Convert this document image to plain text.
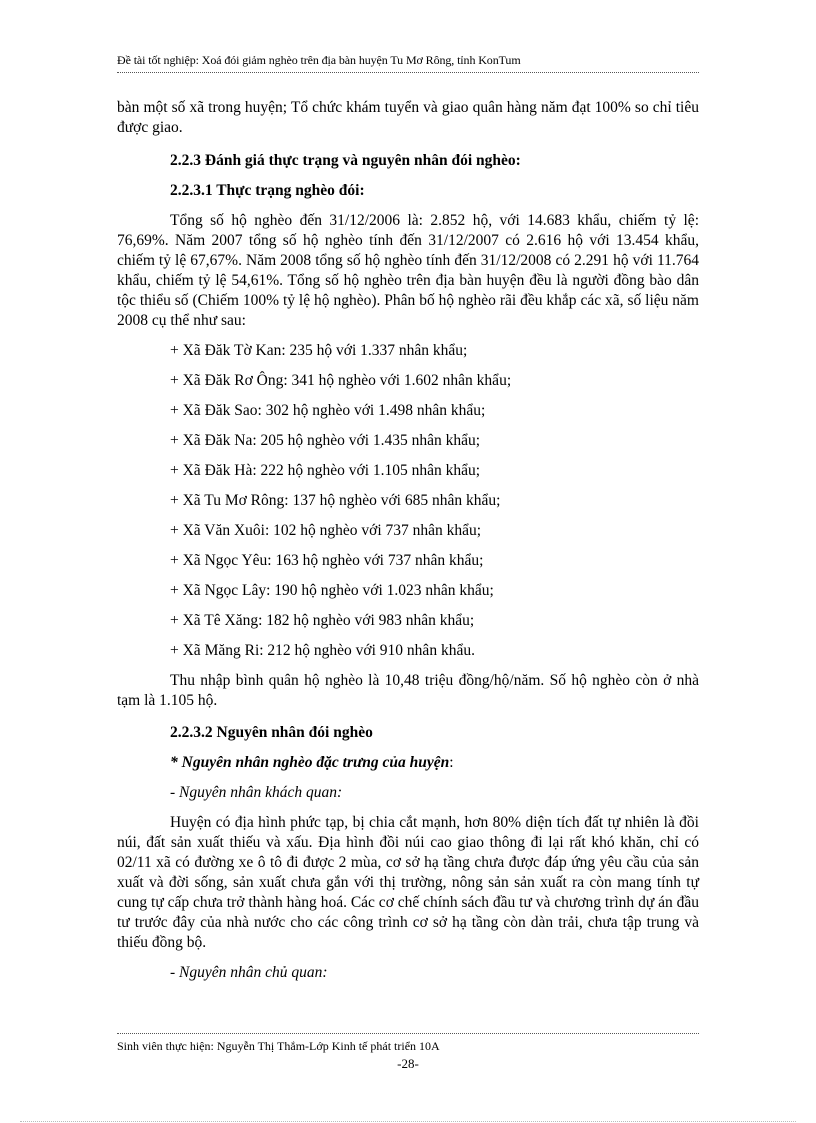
Đề tài tốt nghiệp: Xoá đói giảm nghèo trên địa bàn huyện Tu Mơ Rông, tỉnh KonTum

bàn một số xã trong huyện; Tổ chức khám tuyển và giao quân hàng năm đạt 100% so chỉ tiêu được giao.

2.2.3 Đánh giá thực trạng và nguyên nhân đói nghèo:

2.2.3.1 Thực trạng nghèo đói:

Tổng số hộ nghèo đến 31/12/2006 là: 2.852 hộ, với 14.683 khẩu, chiếm tỷ lệ: 76,69%. Năm 2007 tổng số hộ nghèo tính đến 31/12/2007 có 2.616 hộ với 13.454 khẩu, chiếm tỷ lệ 67,67%. Năm 2008 tổng số hộ nghèo tính đến 31/12/2008 có 2.291 hộ với 11.764 khẩu, chiếm tỷ lệ 54,61%. Tổng số hộ nghèo trên địa bàn huyện đều là người đồng bào dân tộc thiểu số (Chiếm 100% tỷ lệ hộ nghèo). Phân bố hộ nghèo rãi đều khắp các xã, số liệu năm 2008 cụ thể như sau:

+ Xã Đăk Tờ Kan: 235 hộ với 1.337 nhân khẩu;

+ Xã Đăk Rơ Ông: 341 hộ nghèo với 1.602 nhân khẩu;

+ Xã Đăk Sao: 302 hộ nghèo với 1.498 nhân khẩu;

+ Xã Đăk Na: 205 hộ nghèo với 1.435 nhân khẩu;

+ Xã Đăk Hà: 222 hộ nghèo với 1.105 nhân khẩu;

+ Xã Tu Mơ Rông: 137 hộ nghèo với 685 nhân khẩu;

+ Xã Văn Xuôi: 102 hộ nghèo với 737 nhân khẩu;

+ Xã Ngọc Yêu: 163 hộ nghèo với 737 nhân khẩu;

+ Xã Ngọc Lây: 190 hộ nghèo với 1.023 nhân khẩu;

+ Xã Tê Xăng: 182 hộ nghèo với 983 nhân khẩu;

+ Xã Măng Ri: 212 hộ nghèo với 910 nhân khẩu.

Thu nhập bình quân hộ nghèo là 10,48 triệu đồng/hộ/năm. Số hộ nghèo còn ở nhà tạm là 1.105 hộ.

2.2.3.2 Nguyên nhân đói nghèo

* Nguyên nhân nghèo đặc trưng của huyện:

- Nguyên nhân khách quan:

Huyện có địa hình phức tạp, bị chia cắt mạnh, hơn 80% diện tích đất tự nhiên là đồi núi, đất sản xuất thiếu và xấu. Địa hình đồi núi cao giao thông đi lại rất khó khăn, chỉ có 02/11 xã có đường xe ô tô đi được 2 mùa, cơ sở hạ tầng chưa được đáp ứng yêu cầu của sản xuất và đời sống, sản xuất chưa gắn với thị trường, nông sản sản xuất ra còn mang tính tự cung tự cấp chưa trở thành hàng hoá. Các cơ chế chính sách đầu tư và chương trình dự án đầu tư trước đây của nhà nước cho các công trình cơ sở hạ tầng còn dàn trải, chưa tập trung và thiếu đồng bộ.

- Nguyên nhân chủ quan:

Sinh viên thực hiện: Nguyễn Thị Thắm-Lớp Kinh tế phát triển 10A
-28-
